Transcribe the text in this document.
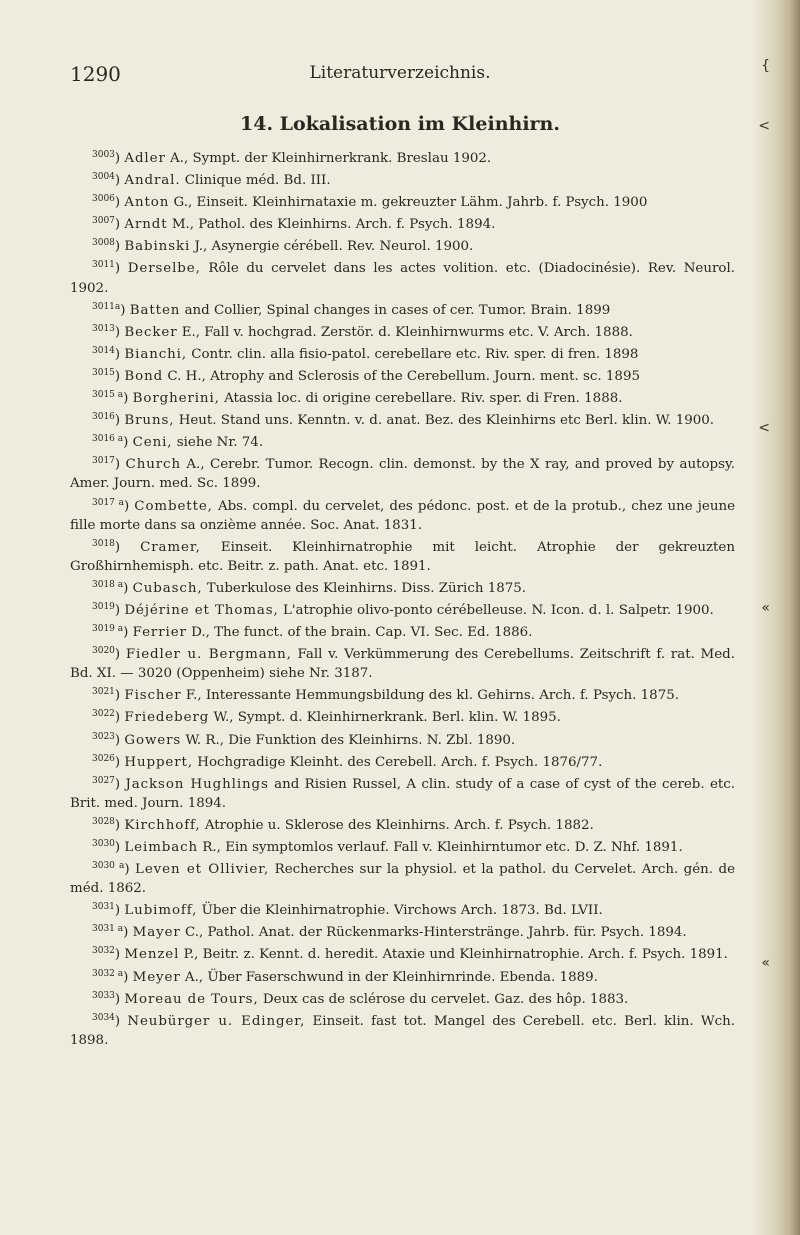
{
<
<
«
«
1290	Literaturverzeichnis.
14. Lokalisation im Kleinhirn.

$^{3003}$) Adler A., Sympt. der Kleinhirnerkrank. Breslau 1902.

$^{3004}$) Andral. Clinique méd. Bd. III.

$^{3006}$) Anton G., Einseit. Kleinhirnataxie m. gekreuzter Lähm. Jahrb. f. Psych. 1900

$^{3007}$) Arndt M., Pathol. des Kleinhirns. Arch. f. Psych. 1894.

$^{3008}$) Babinski J., Asynergie cérébell. Rev. Neurol. 1900.

$^{3011}$) Derselbe, Rôle du cervelet dans les actes volition. etc. (Diadocinésie). Rev. Neurol. 1902.

$^{3011a}$) Batten and Collier, Spinal changes in cases of cer. Tumor. Brain. 1899

$^{3013}$) Becker E., Fall v. hochgrad. Zerstör. d. Kleinhirnwurms etc. V. Arch. 1888.

$^{3014}$) Bianchi, Contr. clin. alla fisio-patol. cerebellare etc. Riv. sper. di fren. 1898

$^{3015}$) Bond C. H., Atrophy and Sclerosis of the Cerebellum. Journ. ment. sc. 1895

$^{3015 a}$) Borgherini, Atassia loc. di origine cerebellare. Riv. sper. di Fren. 1888.

$^{3016}$) Bruns, Heut. Stand uns. Kenntn. v. d. anat. Bez. des Kleinhirns etc Berl. klin. W. 1900.

$^{3016 a}$) Ceni, siehe Nr. 74.

$^{3017}$) Church A., Cerebr. Tumor. Recogn. clin. demonst. by the X ray, and proved by autopsy. Amer. Journ. med. Sc. 1899.

$^{3017 a}$) Combette, Abs. compl. du cervelet, des pédonc. post. et de la protub., chez une jeune fille morte dans sa onzième année. Soc. Anat. 1831.

$^{3018}$) Cramer, Einseit. Kleinhirnatrophie mit leicht. Atrophie der gekreuzten Großhirnhemisph. etc. Beitr. z. path. Anat. etc. 1891.

$^{3018 a}$) Cubasch, Tuberkulose des Kleinhirns. Diss. Zürich 1875.

$^{3019}$) Déjérine et Thomas, L'atrophie olivo-ponto cérébelleuse. N. Icon. d. l. Salpetr. 1900.

$^{3019 a}$) Ferrier D., The funct. of the brain. Cap. VI. Sec. Ed. 1886.

$^{3020}$) Fiedler u. Bergmann, Fall v. Verkümmerung des Cerebellums. Zeitschrift f. rat. Med. Bd. XI. — 3020 (Oppenheim) siehe Nr. 3187.

$^{3021}$) Fischer F., Interessante Hemmungsbildung des kl. Gehirns. Arch. f. Psych. 1875.

$^{3022}$) Friedeberg W., Sympt. d. Kleinhirnerkrank. Berl. klin. W. 1895.

$^{3023}$) Gowers W. R., Die Funktion des Kleinhirns. N. Zbl. 1890.

$^{3026}$) Huppert, Hochgradige Kleinht. des Cerebell. Arch. f. Psych. 1876/77.

$^{3027}$) Jackson Hughlings and Risien Russel, A clin. study of a case of cyst of the cereb. etc. Brit. med. Journ. 1894.

$^{3028}$) Kirchhoff, Atrophie u. Sklerose des Kleinhirns. Arch. f. Psych. 1882.

$^{3030}$) Leimbach R., Ein symptomlos verlauf. Fall v. Kleinhirntumor etc. D. Z. Nhf. 1891.

$^{3030 a}$) Leven et Ollivier, Recherches sur la physiol. et la pathol. du Cervelet. Arch. gén. de méd. 1862.

$^{3031}$) Lubimoff, Über die Kleinhirnatrophie. Virchows Arch. 1873. Bd. LVII.

$^{3031 a}$) Mayer C., Pathol. Anat. der Rückenmarks-Hinterstränge. Jahrb. für. Psych. 1894.

$^{3032}$) Menzel P., Beitr. z. Kennt. d. heredit. Ataxie und Kleinhirnatrophie. Arch. f. Psych. 1891.

$^{3032 a}$) Meyer A., Über Faserschwund in der Kleinhirnrinde. Ebenda. 1889.

$^{3033}$) Moreau de Tours, Deux cas de sclérose du cervelet. Gaz. des hôp. 1883.

$^{3034}$) Neubürger u. Edinger, Einseit. fast tot. Mangel des Cerebell. etc. Berl. klin. Wch. 1898.
